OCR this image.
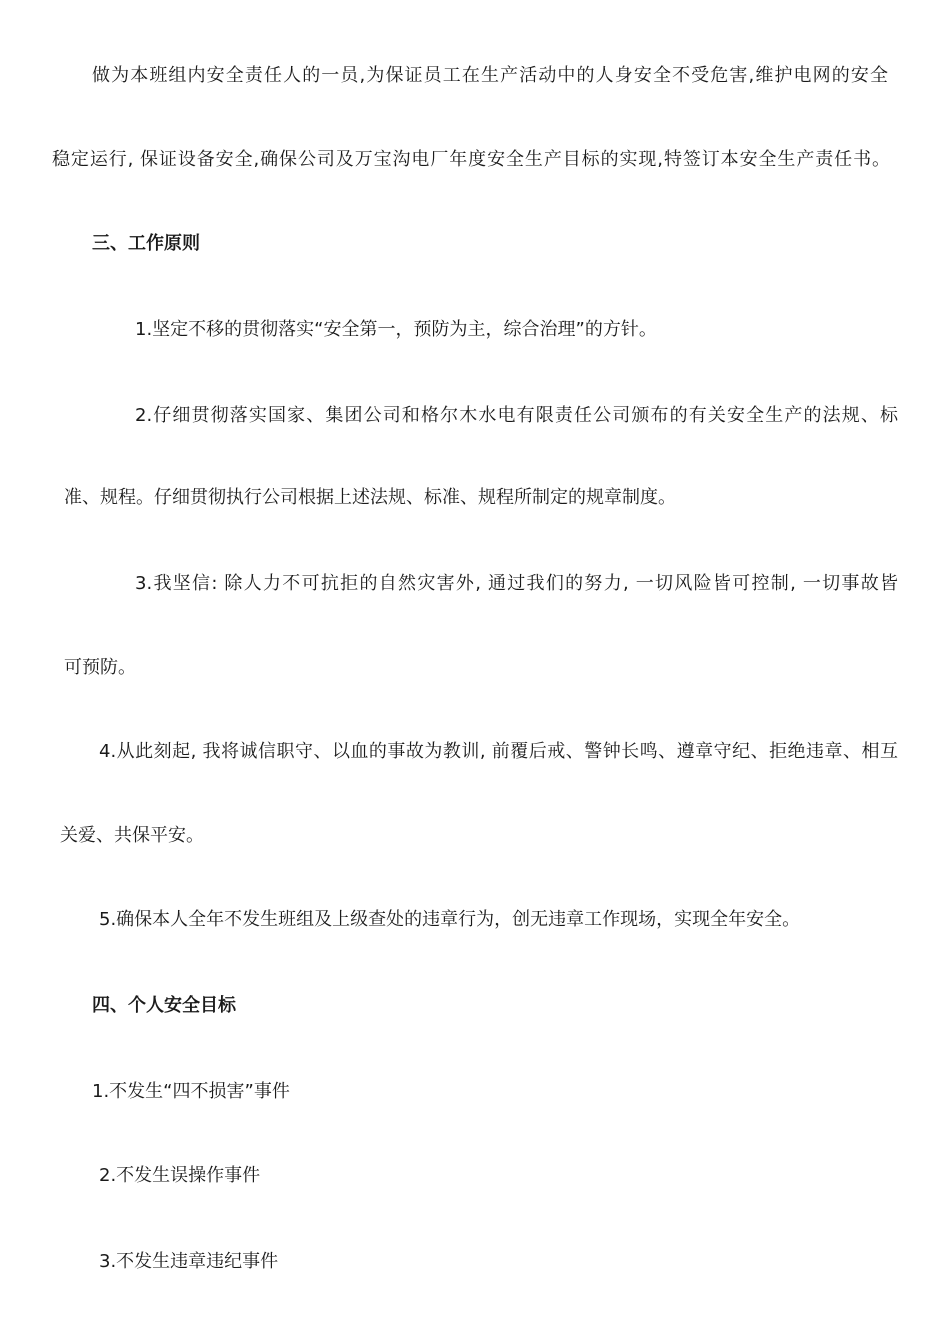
做为本班组内安全责任人的一员,为保证员工在生产活动中的人身安全不受危害,维护电网的安全

稳定运行, 保证设备安全,确保公司及万宝沟电厂年度安全生产目标的实现,特签订本安全生产责任书。

三、工作原则

1.坚定不移的贯彻落实“安全第一，预防为主，综合治理”的方针。

2.仔细贯彻落实国家、集团公司和格尔木水电有限责任公司颁布的有关安全生产的法规、标

准、规程。仔细贯彻执行公司根据上述法规、标准、规程所制定的规章制度。

3.我坚信: 除人力不可抗拒的自然灾害外, 通过我们的努力, 一切风险皆可控制, 一切事故皆

可预防。

4.从此刻起, 我将诚信职守、以血的事故为教训, 前覆后戒、警钟长鸣、遵章守纪、拒绝违章、相互

关爱、共保平安。

5.确保本人全年不发生班组及上级查处的违章行为，创无违章工作现场，实现全年安全。

四、个人安全目标

1.不发生“四不损害”事件

2.不发生误操作事件

3.不发生违章违纪事件
